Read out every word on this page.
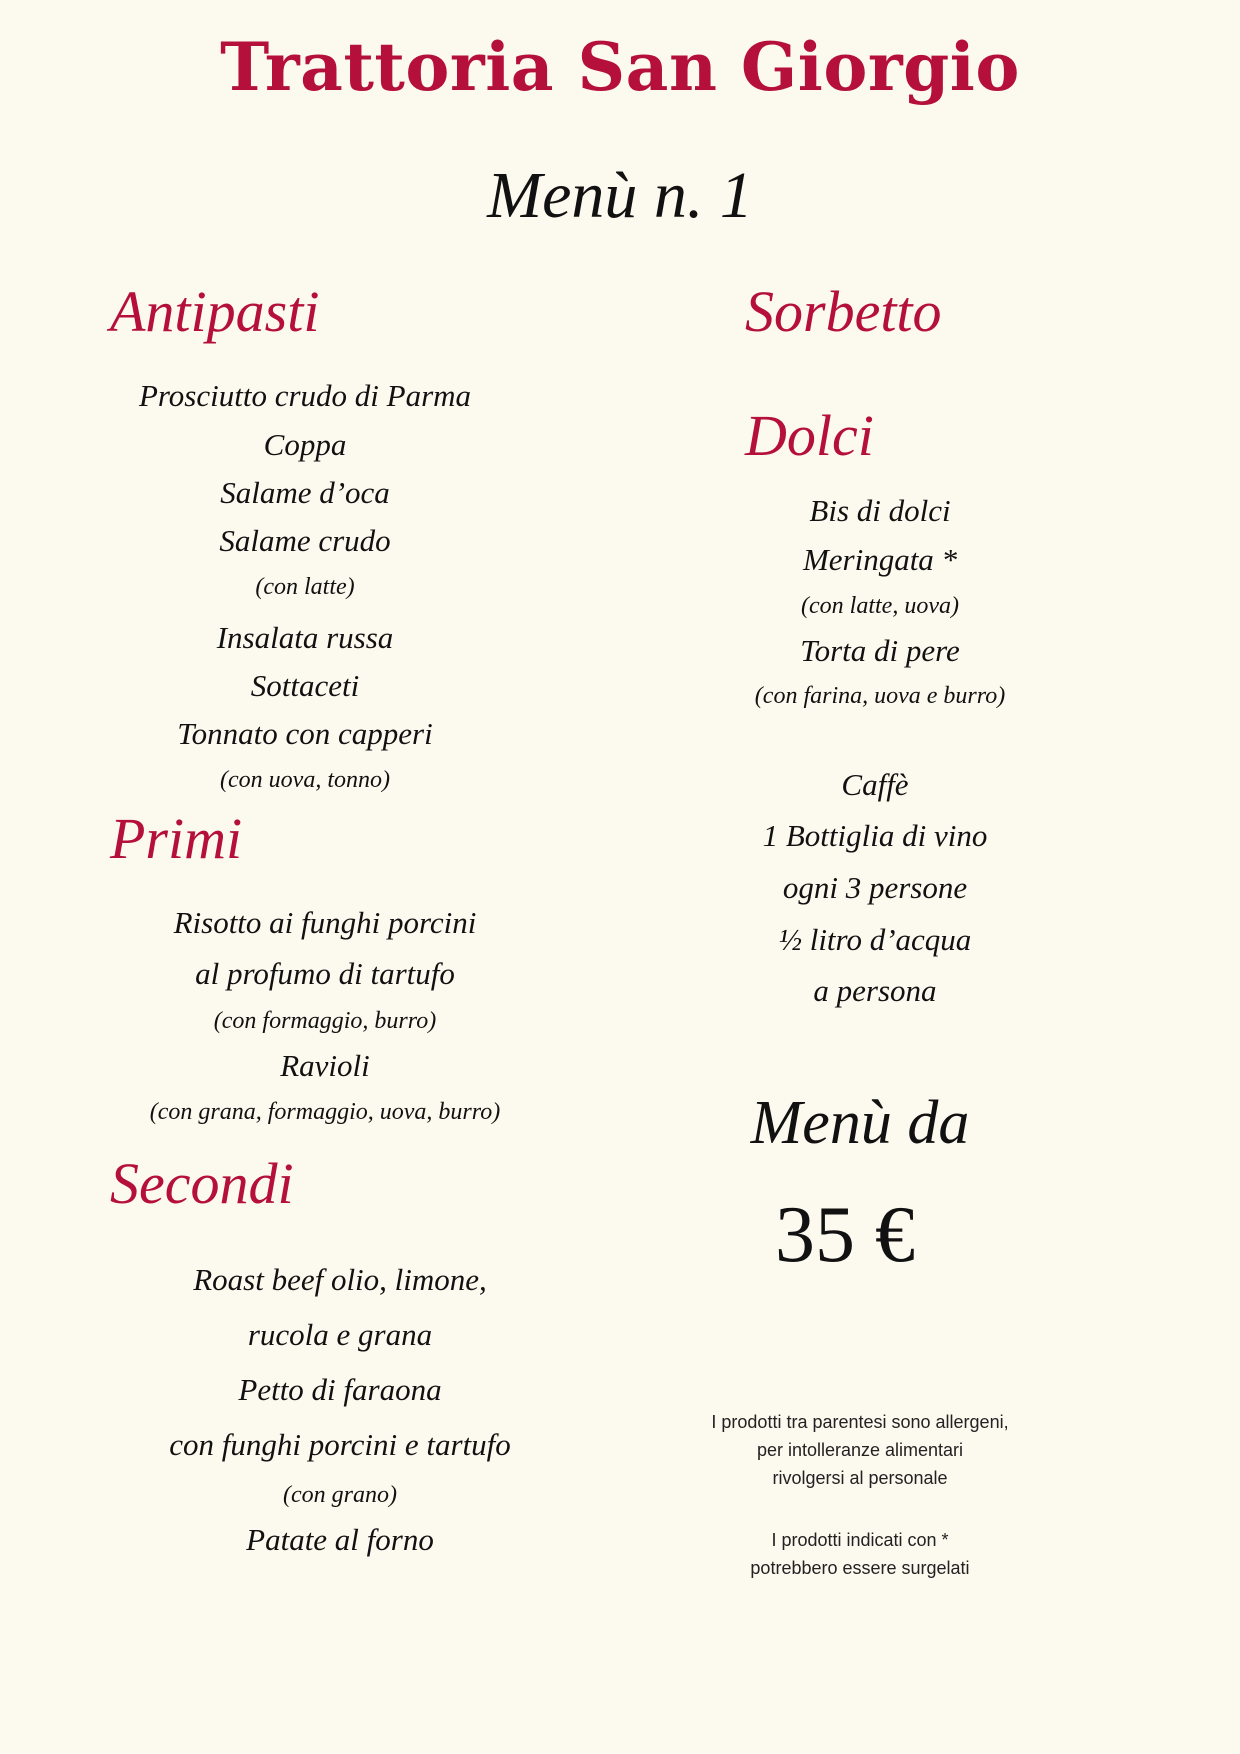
Trattoria San Giorgio
Menù n. 1
Antipasti
Prosciutto crudo di Parma
Coppa
Salame d’oca
Salame crudo
(con latte)
Insalata russa
Sottaceti
Tonnato con capperi
(con uova, tonno)
Primi
Risotto ai funghi porcini
al profumo di tartufo
(con formaggio, burro)
Ravioli
(con grana, formaggio, uova, burro)
Secondi
Roast beef olio, limone,
rucola e grana
Petto di faraona
con funghi porcini e tartufo
(con grano)
Patate al forno
Sorbetto
Dolci
Bis di dolci
Meringata *
(con latte, uova)
Torta di pere
(con farina, uova e burro)
Caffè
1 Bottiglia di vino
ogni 3 persone
½ litro d’acqua
a persona
Menù da
35 €
I prodotti tra parentesi sono allergeni,
per intolleranze alimentari
rivolgersi al personale
I prodotti indicati con *
potrebbero essere surgelati
